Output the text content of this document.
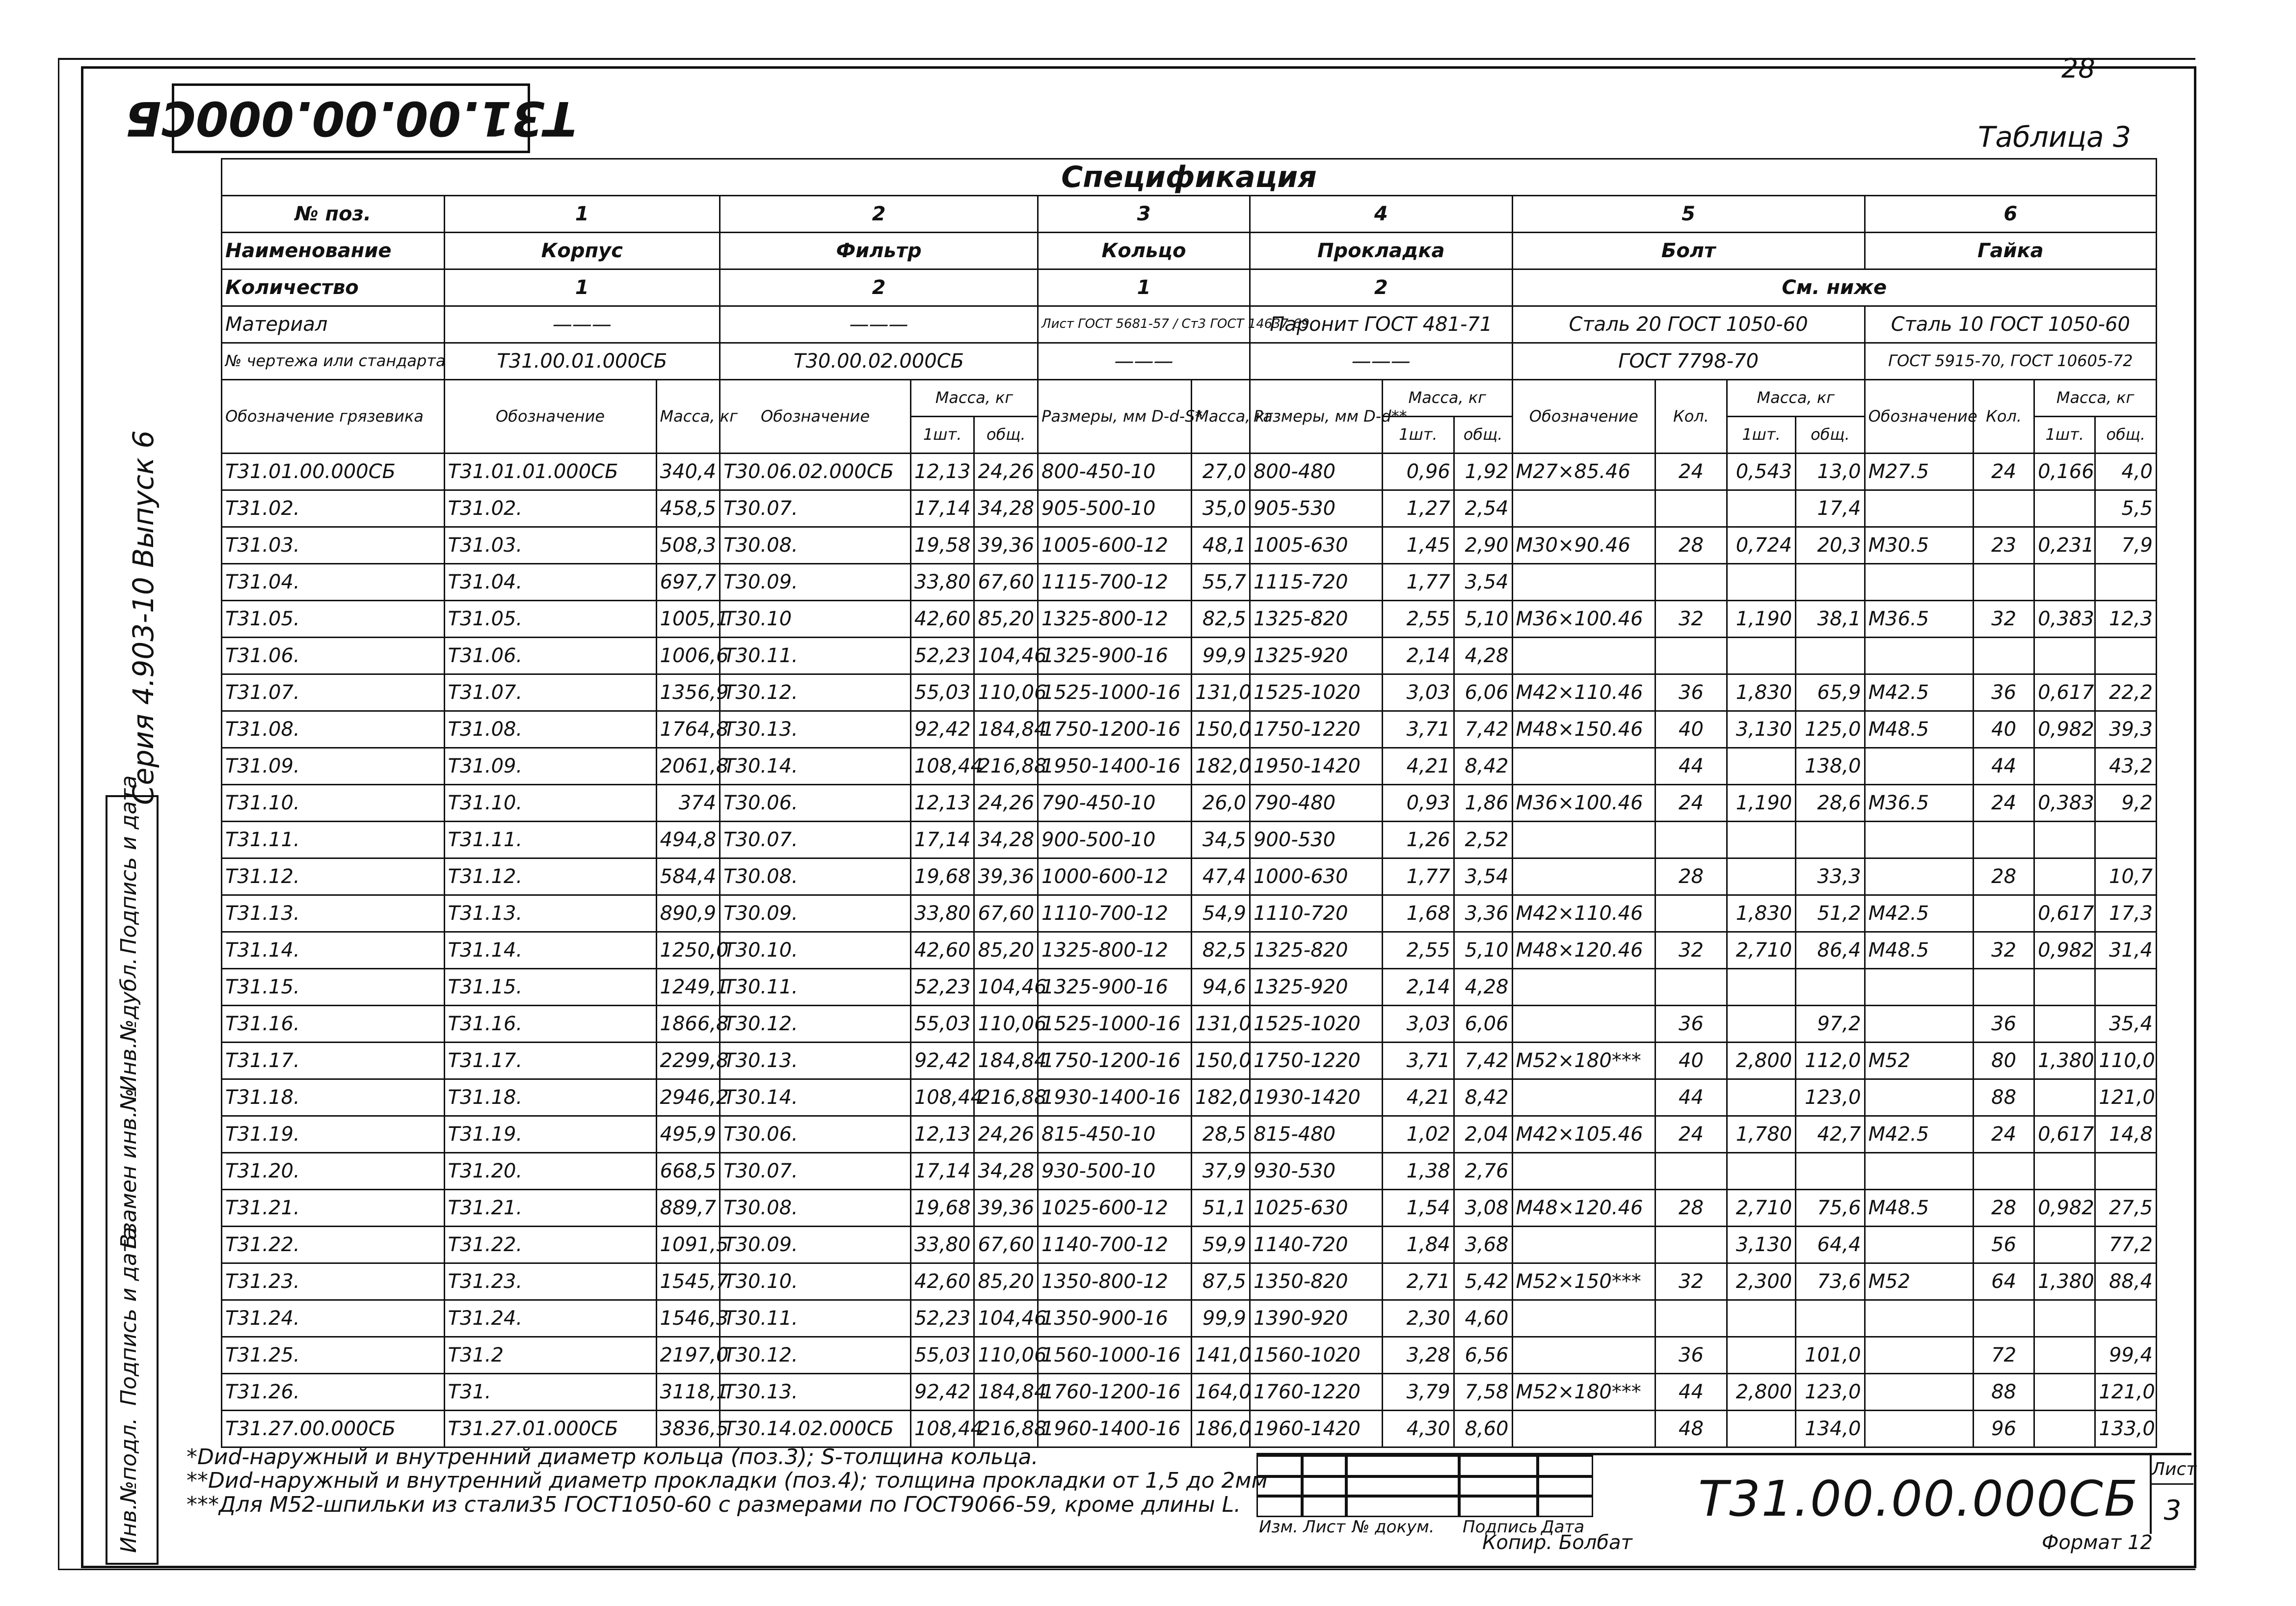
28
Т31.00.00.000СБ	Таблица 3
Серия 4.903-10 Выпуск 6
Инв.№подл.
Подпись и дата
Взамен инв.№
Инв.№дубл.
Подпись и дата
Спецификация																		
№ поз.	1		2			3		4			5				6			
Наименование	Корпус		Фильтр			Кольцо		Прокладка			Болт				Гайка			
Количество	1		2			1		2			См. ниже							
Материал	———		———			Лист ГОСТ 5681-57 / Ст3 ГОСТ 14637-69		Паронит ГОСТ 481-71			Сталь 20 ГОСТ 1050-60				Сталь 10 ГОСТ 1050-60			
№ чертежа или стандарта	Т31.00.01.000СБ		Т30.00.02.000СБ			———		———			ГОСТ 7798-70				ГОСТ 5915-70, ГОСТ 10605-72			
Обозначение грязевика	Обозначение	Масса, кг	Обозначение	Масса, кг		Размеры, мм D-d-S*	Масса, кг	Размеры, мм D-d**	Масса, кг		Обозначение	Кол.	Масса, кг		Обозначение	Кол.	Масса, кг	
				1шт.	общ.				1шт.	общ.			1шт.	общ.			1шт.	общ.
Т31.01.00.000СБ	Т31.01.01.000СБ	340,4	Т30.06.02.000СБ	12,13	24,26	800-450-10	27,0	800-480	0,96	1,92	М27×85.46	24	0,543	13,0	М27.5	24	0,166	4,0
Т31.02.	Т31.02.	458,5	Т30.07.	17,14	34,28	905-500-10	35,0	905-530	1,27	2,54				17,4				5,5
Т31.03.	Т31.03.	508,3	Т30.08.	19,58	39,36	1005-600-12	48,1	1005-630	1,45	2,90	М30×90.46	28	0,724	20,3	М30.5	23	0,231	7,9
Т31.04.	Т31.04.	697,7	Т30.09.	33,80	67,60	1115-700-12	55,7	1115-720	1,77	3,54								
Т31.05.	Т31.05.	1005,1	Т30.10	42,60	85,20	1325-800-12	82,5	1325-820	2,55	5,10	М36×100.46	32	1,190	38,1	М36.5	32	0,383	12,3
Т31.06.	Т31.06.	1006,6	Т30.11.	52,23	104,46	1325-900-16	99,9	1325-920	2,14	4,28								
Т31.07.	Т31.07.	1356,9	Т30.12.	55,03	110,06	1525-1000-16	131,0	1525-1020	3,03	6,06	М42×110.46	36	1,830	65,9	М42.5	36	0,617	22,2
Т31.08.	Т31.08.	1764,8	Т30.13.	92,42	184,84	1750-1200-16	150,0	1750-1220	3,71	7,42	М48×150.46	40	3,130	125,0	М48.5	40	0,982	39,3
Т31.09.	Т31.09.	2061,8	Т30.14.	108,44	216,88	1950-1400-16	182,0	1950-1420	4,21	8,42		44		138,0		44		43,2
Т31.10.	Т31.10.	374	Т30.06.	12,13	24,26	790-450-10	26,0	790-480	0,93	1,86	М36×100.46	24	1,190	28,6	М36.5	24	0,383	9,2
Т31.11.	Т31.11.	494,8	Т30.07.	17,14	34,28	900-500-10	34,5	900-530	1,26	2,52								
Т31.12.	Т31.12.	584,4	Т30.08.	19,68	39,36	1000-600-12	47,4	1000-630	1,77	3,54		28		33,3		28		10,7
Т31.13.	Т31.13.	890,9	Т30.09.	33,80	67,60	1110-700-12	54,9	1110-720	1,68	3,36	М42×110.46		1,830	51,2	М42.5		0,617	17,3
Т31.14.	Т31.14.	1250,0	Т30.10.	42,60	85,20	1325-800-12	82,5	1325-820	2,55	5,10	М48×120.46	32	2,710	86,4	М48.5	32	0,982	31,4
Т31.15.	Т31.15.	1249,1	Т30.11.	52,23	104,46	1325-900-16	94,6	1325-920	2,14	4,28								
Т31.16.	Т31.16.	1866,8	Т30.12.	55,03	110,06	1525-1000-16	131,0	1525-1020	3,03	6,06		36		97,2		36		35,4
Т31.17.	Т31.17.	2299,8	Т30.13.	92,42	184,84	1750-1200-16	150,0	1750-1220	3,71	7,42	М52×180***	40	2,800	112,0	М52	80	1,380	110,0
Т31.18.	Т31.18.	2946,2	Т30.14.	108,44	216,88	1930-1400-16	182,0	1930-1420	4,21	8,42		44		123,0		88		121,0
Т31.19.	Т31.19.	495,9	Т30.06.	12,13	24,26	815-450-10	28,5	815-480	1,02	2,04	М42×105.46	24	1,780	42,7	М42.5	24	0,617	14,8
Т31.20.	Т31.20.	668,5	Т30.07.	17,14	34,28	930-500-10	37,9	930-530	1,38	2,76								
Т31.21.	Т31.21.	889,7	Т30.08.	19,68	39,36	1025-600-12	51,1	1025-630	1,54	3,08	М48×120.46	28	2,710	75,6	М48.5	28	0,982	27,5
Т31.22.	Т31.22.	1091,5	Т30.09.	33,80	67,60	1140-700-12	59,9	1140-720	1,84	3,68			3,130	64,4		56		77,2
Т31.23.	Т31.23.	1545,7	Т30.10.	42,60	85,20	1350-800-12	87,5	1350-820	2,71	5,42	М52×150***	32	2,300	73,6	М52	64	1,380	88,4
Т31.24.	Т31.24.	1546,3	Т30.11.	52,23	104,46	1350-900-16	99,9	1390-920	2,30	4,60								
Т31.25.	Т31.2	2197,0	Т30.12.	55,03	110,06	1560-1000-16	141,0	1560-1020	3,28	6,56		36		101,0		72		99,4
Т31.26.	Т31.	3118,1	Т30.13.	92,42	184,84	1760-1200-16	164,0	1760-1220	3,79	7,58	М52×180***	44	2,800	123,0		88		121,0
Т31.27.00.000СБ	Т31.27.01.000СБ	3836,5	Т30.14.02.000СБ	108,44	216,88	1960-1400-16	186,0	1960-1420	4,30	8,60		48		134,0		96		133,0
*Dиd-наружный и внутренний диаметр кольца (поз.3); S-толщина кольца.
**Dиd-наружный и внутренний диаметр прокладки (поз.4); толщина прокладки от 1,5 до 2мм
***Для М52-шпильки из стали35 ГОСТ1050-60 с размерами по ГОСТ9066-59, кроме длины L.
Изм. Лист № докум. Подпись Дата Т31.00.00.000СБ
Лист
3
Копир. Болбат	Формат 12
